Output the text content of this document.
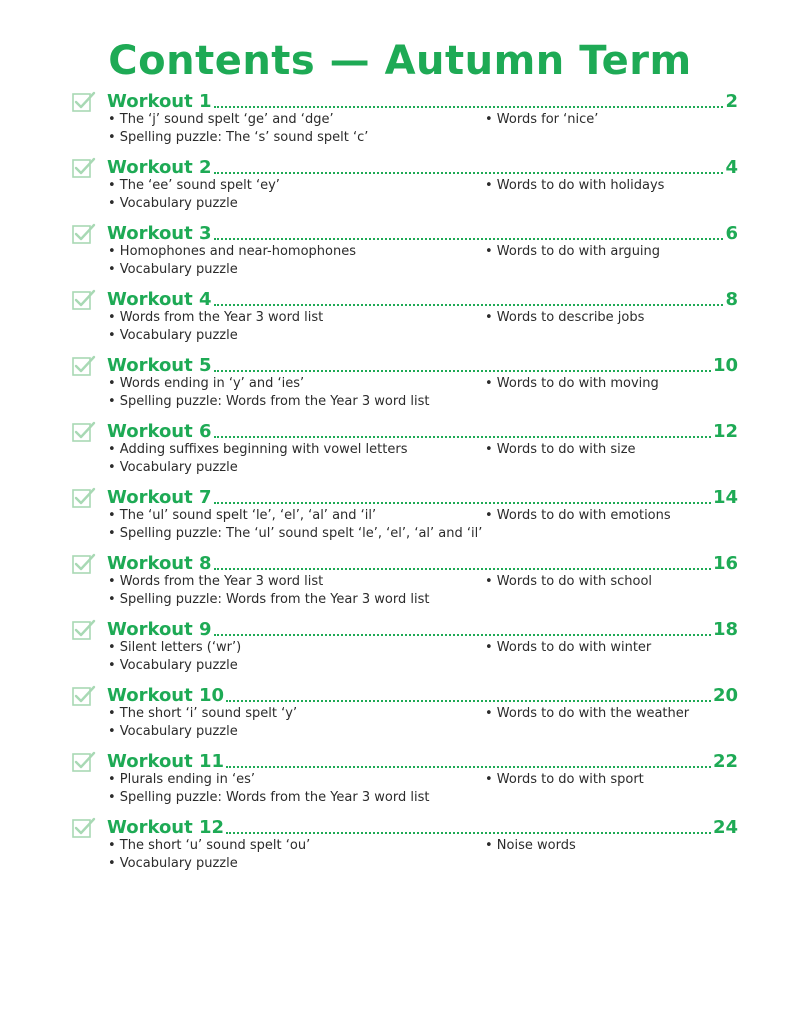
Contents — Autumn Term
Workout 1	2
• The ‘j’ sound spelt ‘ge’ and ‘dge’
• Spelling puzzle: The ‘s’ sound spelt ‘c’
• Words for ‘nice’
Workout 2	4
• The ‘ee’ sound spelt ‘ey’
• Vocabulary puzzle
• Words to do with holidays
Workout 3	6
• Homophones and near-homophones
• Vocabulary puzzle
• Words to do with arguing
Workout 4	8
• Words from the Year 3 word list
• Vocabulary puzzle
• Words to describe jobs
Workout 5	10
• Words ending in ‘y’ and ‘ies’
• Spelling puzzle: Words from the Year 3 word list
• Words to do with moving
Workout 6	12
• Adding suffixes beginning with vowel letters
• Vocabulary puzzle
• Words to do with size
Workout 7	14
• The ‘ul’ sound spelt ‘le’, ‘el’, ‘al’ and ‘il’
• Spelling puzzle: The ‘ul’ sound spelt ‘le’, ‘el’, ‘al’ and ‘il’
• Words to do with emotions
Workout 8	16
• Words from the Year 3 word list
• Spelling puzzle: Words from the Year 3 word list
• Words to do with school
Workout 9	18
• Silent letters (‘wr’)
• Vocabulary puzzle
• Words to do with winter
Workout 10	20
• The short ‘i’ sound spelt ‘y’
• Vocabulary puzzle
• Words to do with the weather
Workout 11	22
• Plurals ending in ‘es’
• Spelling puzzle: Words from the Year 3 word list
• Words to do with sport
Workout 12	24
• The short ‘u’ sound spelt ‘ou’
• Vocabulary puzzle
• Noise words
